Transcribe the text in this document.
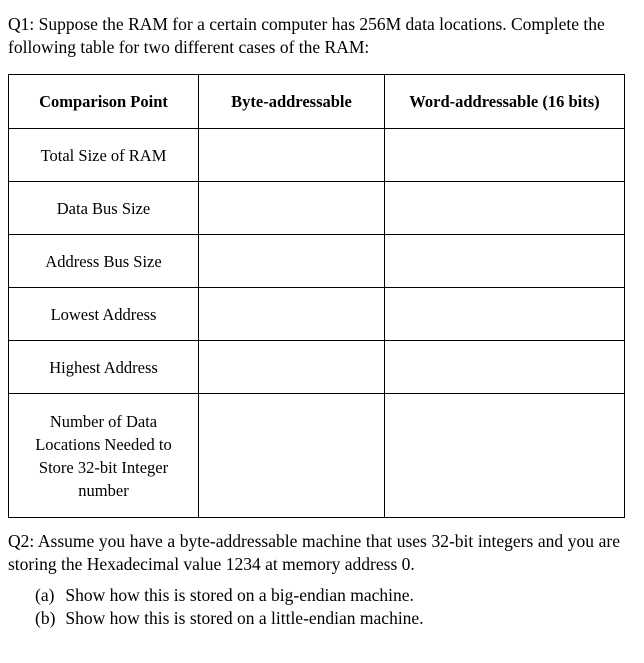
Q1: Suppose the RAM for a certain computer has 256M data locations. Complete the following table for two different cases of the RAM:
Comparison Point	Byte-addressable	Word-addressable (16 bits)
Total Size of RAM		
Data Bus Size		
Address Bus Size		
Lowest Address		
Highest Address		
Number of Data Locations Needed to Store 32-bit Integer number		
Q2: Assume you have a byte-addressable machine that uses 32-bit integers and you are storing the Hexadecimal value 1234 at memory address 0.
(a) Show how this is stored on a big-endian machine.
(b) Show how this is stored on a little-endian machine.
